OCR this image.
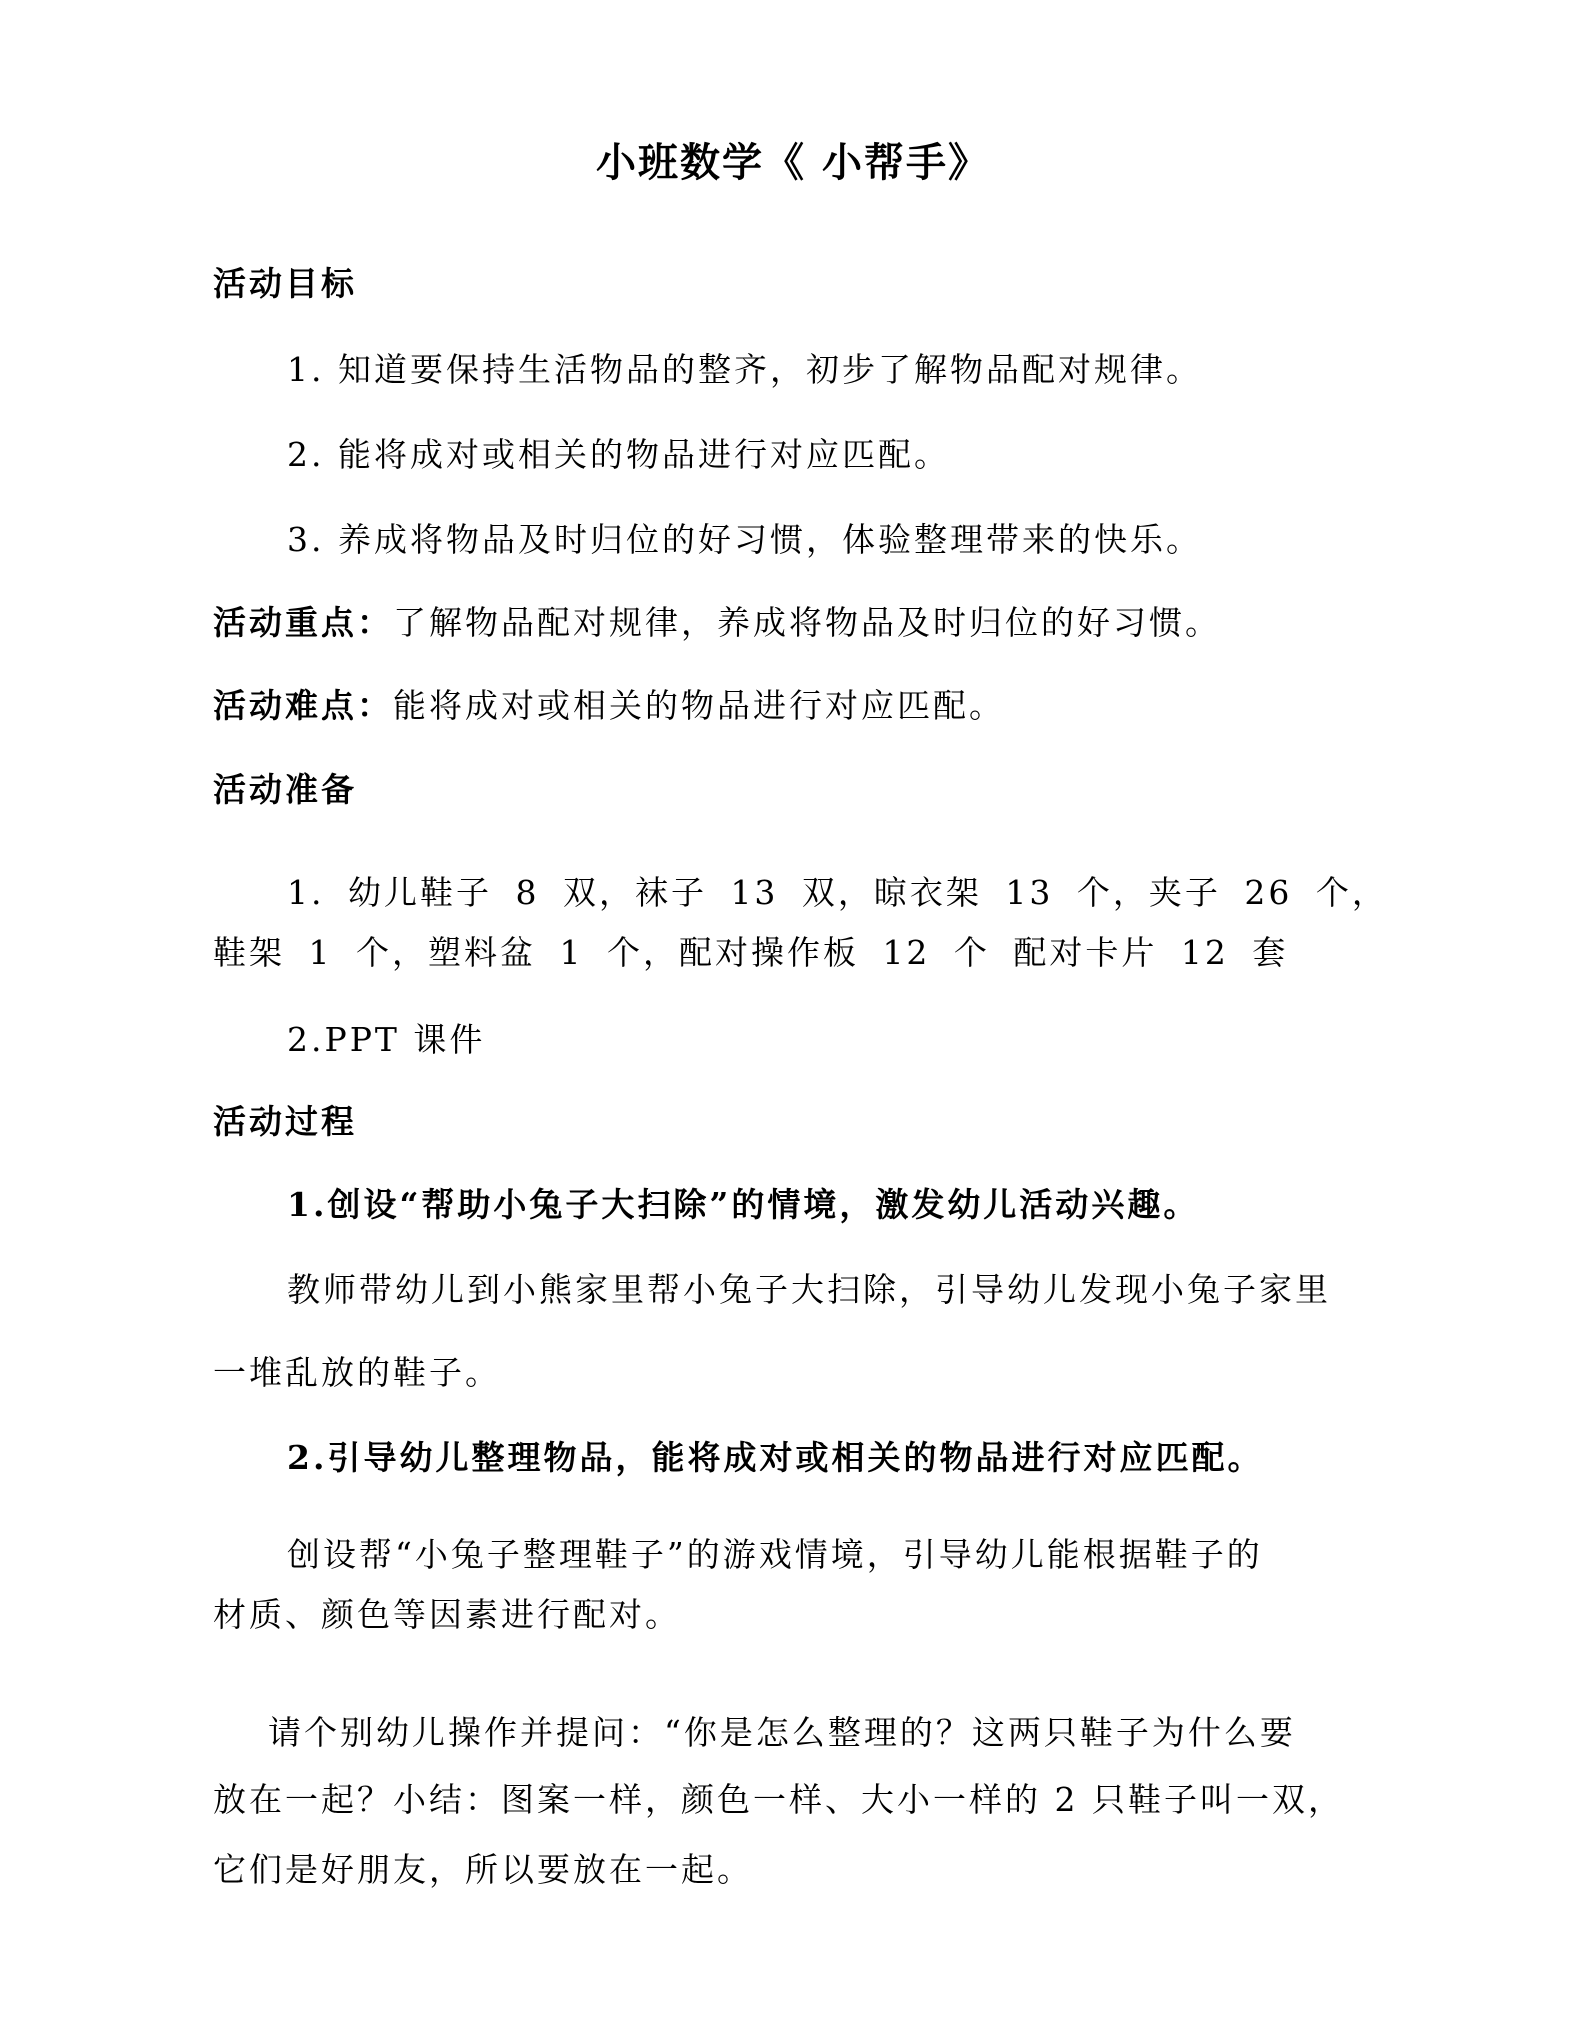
小班数学《 小帮手》
活动目标
1. 知道要保持生活物品的整齐，初步了解物品配对规律。
2. 能将成对或相关的物品进行对应匹配。
3. 养成将物品及时归位的好习惯，体验整理带来的快乐。
活动重点：了解物品配对规律，养成将物品及时归位的好习惯。
活动难点：能将成对或相关的物品进行对应匹配。
活动准备
1. 幼儿鞋子 8 双，袜子 13 双，晾衣架 13 个，夹子 26 个，
鞋架 1 个，塑料盆 1 个，配对操作板 12 个 配对卡片 12 套
2.PPT 课件
活动过程
1.创设“帮助小兔子大扫除”的情境，激发幼儿活动兴趣。
教师带幼儿到小熊家里帮小兔子大扫除，引导幼儿发现小兔子家里
一堆乱放的鞋子。
2.引导幼儿整理物品，能将成对或相关的物品进行对应匹配。
创设帮“小兔子整理鞋子”的游戏情境，引导幼儿能根据鞋子的
材质、颜色等因素进行配对。
请个别幼儿操作并提问：“你是怎么整理的？这两只鞋子为什么要
放在一起？小结：图案一样，颜色一样、大小一样的 2 只鞋子叫一双，
它们是好朋友，所以要放在一起。
